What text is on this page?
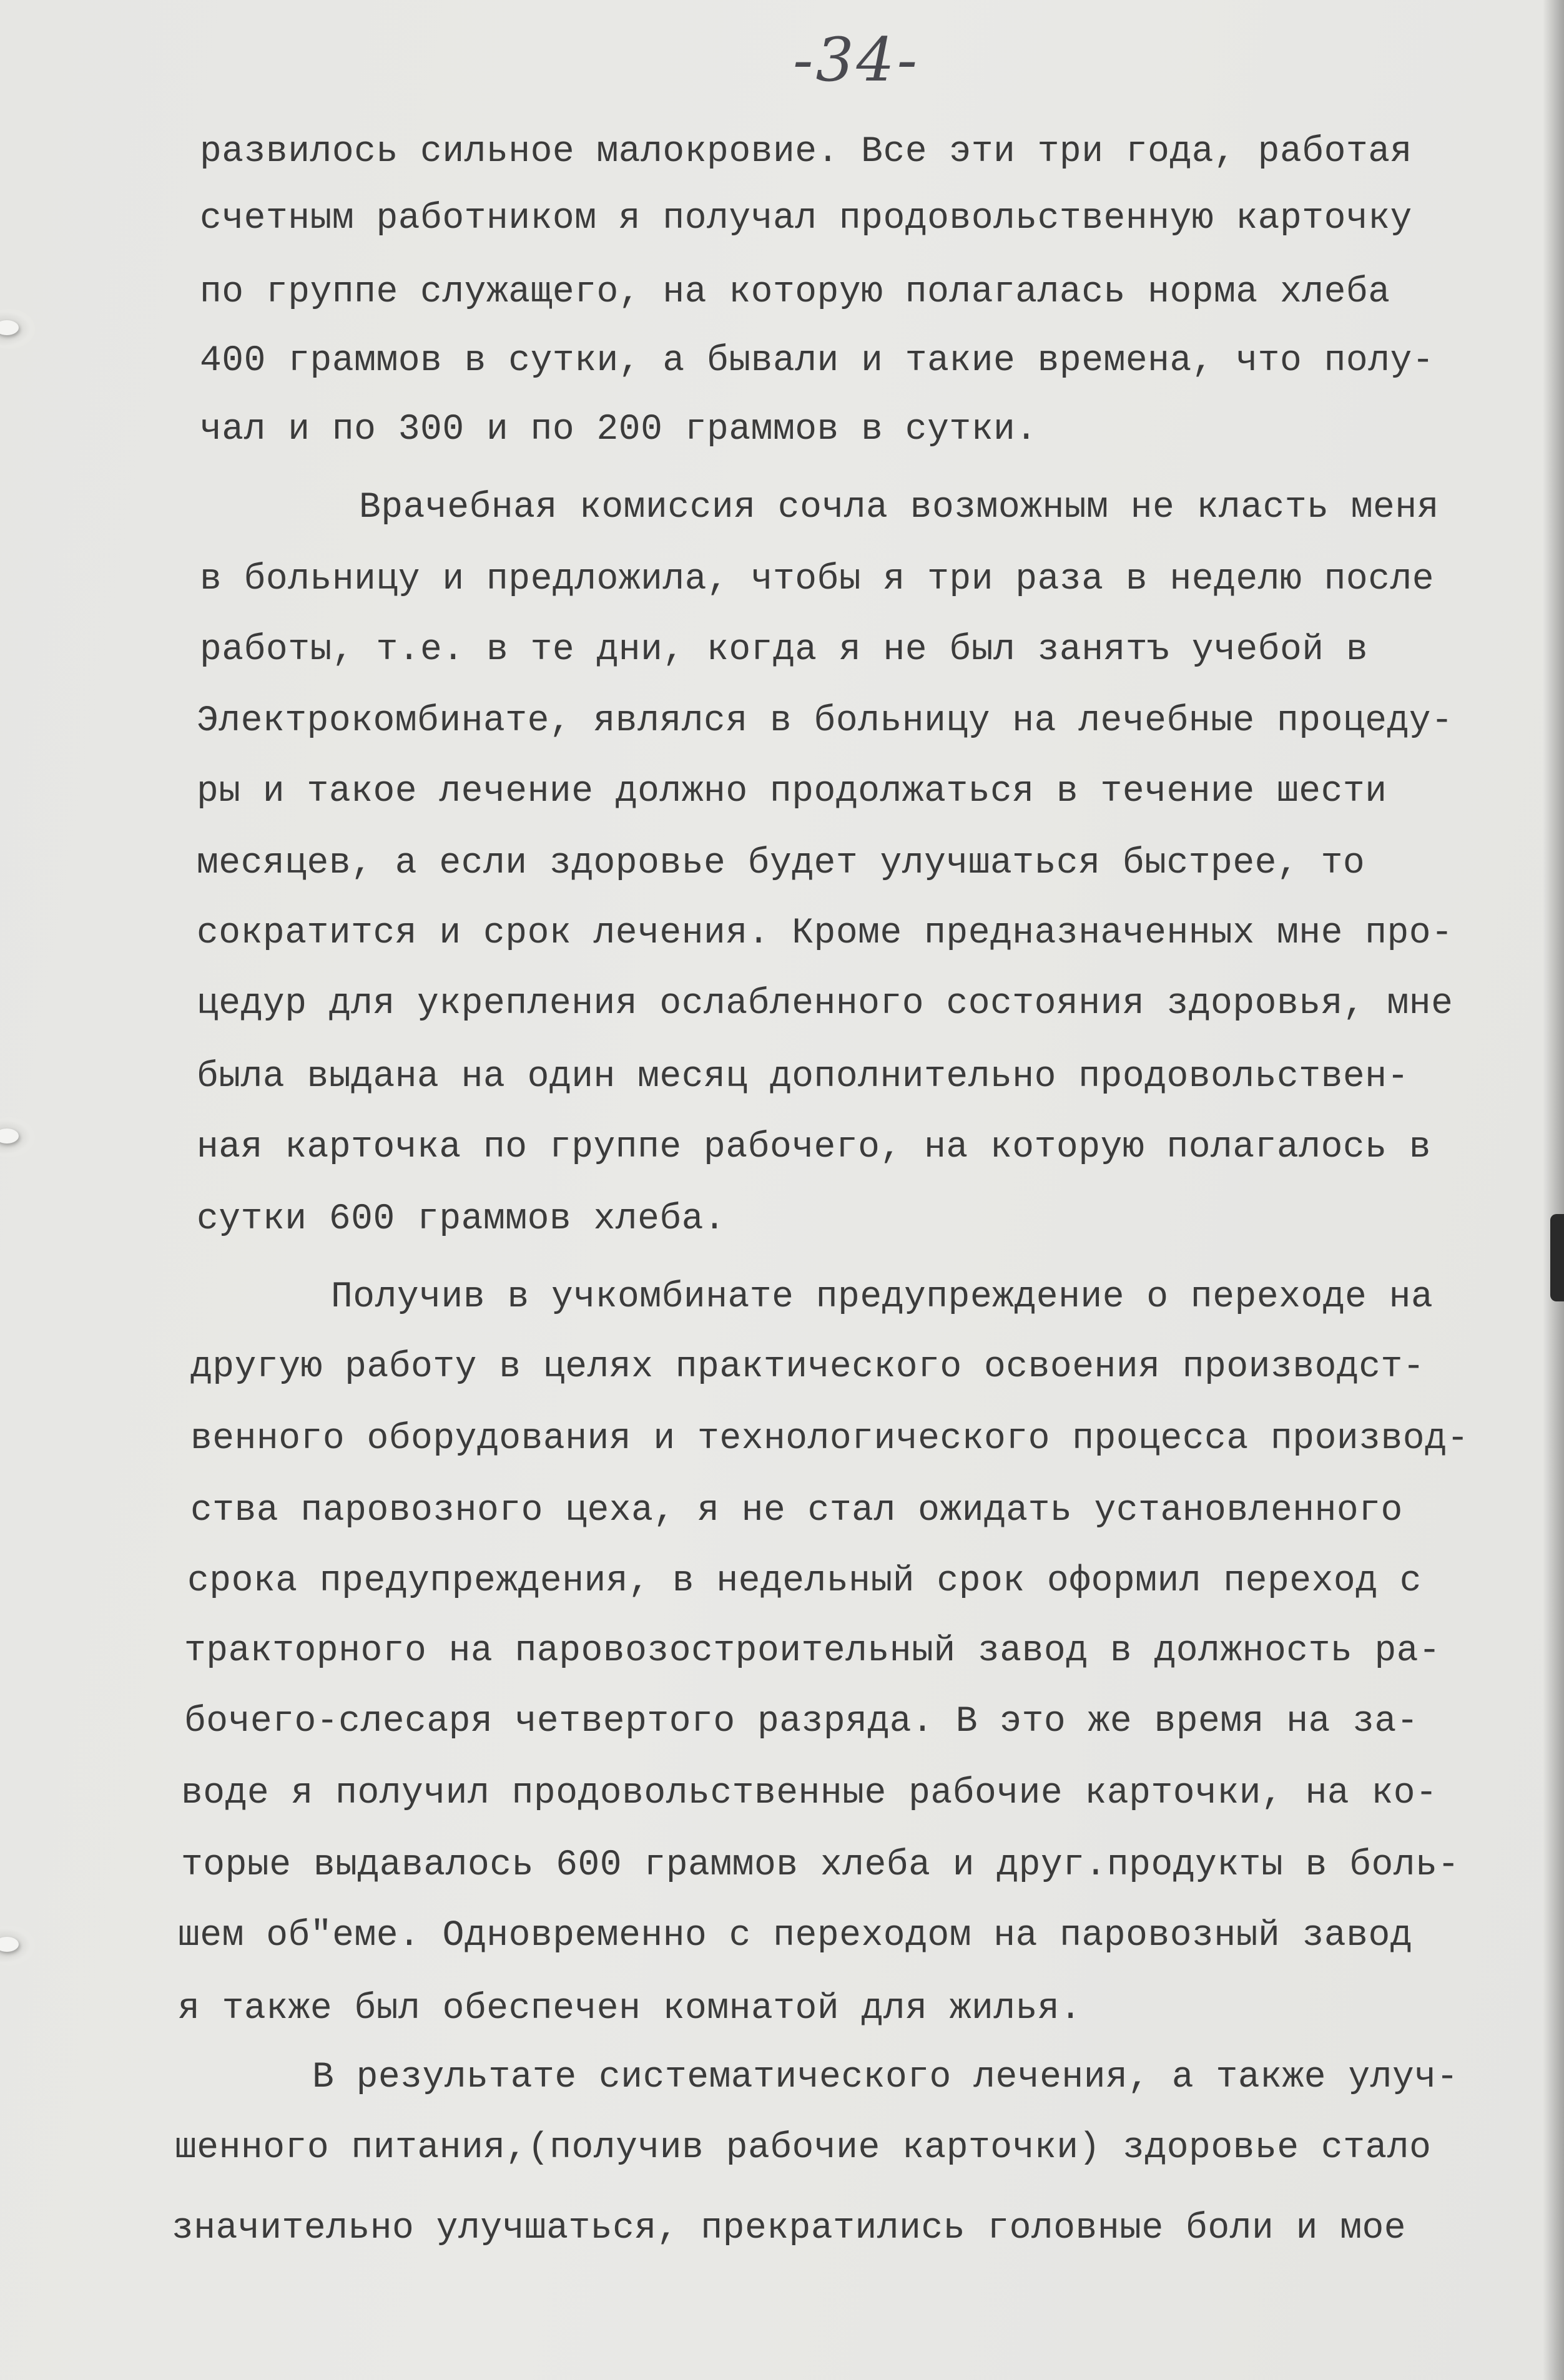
-34-

развилось сильное малокровие. Все эти три года, работая

счетным работником я получал продовольственную карточку

по группе служащего, на которую полагалась норма хлеба

400 граммов в сутки, а бывали и такие времена, что полу-

чал и по 300 и по 200 граммов в сутки.

Врачебная комиссия сочла возможным не класть меня

в больницу и предложила, чтобы я три раза в неделю после

работы, т.е. в те дни, когда я не был занятъ учебой в

Электрокомбинате, являлся в больницу на лечебные процеду-

ры и такое лечение должно продолжаться в течение шести

месяцев, а если здоровье будет улучшаться быстрее, то

сократится и срок лечения. Кроме предназначенных мне про-

цедур для укрепления ослабленного состояния здоровья, мне

была выдана на один месяц дополнительно продовольствен-

ная карточка по группе рабочего, на которую полагалось в

сутки 600 граммов хлеба.

Получив в учкомбинате предупреждение о переходе на

другую работу в целях практического освоения производст-

венного оборудования и технологического процесса производ-

ства паровозного цеха, я не стал ожидать установленного

срока предупреждения, в недельный срок оформил переход с

тракторного на паровозостроительный завод в должность ра-

бочего-слесаря четвертого разряда. В это же время на за-

воде я получил продовольственные рабочие карточки, на ко-

торые выдавалось 600 граммов хлеба и друг.продукты в боль-

шем об"еме. Одновременно с переходом на паровозный завод

я также был обеспечен комнатой для жилья.

В результате систематического лечения, а также улуч-

шенного питания,(получив рабочие карточки) здоровье стало

значительно улучшаться, прекратились головные боли и мое
